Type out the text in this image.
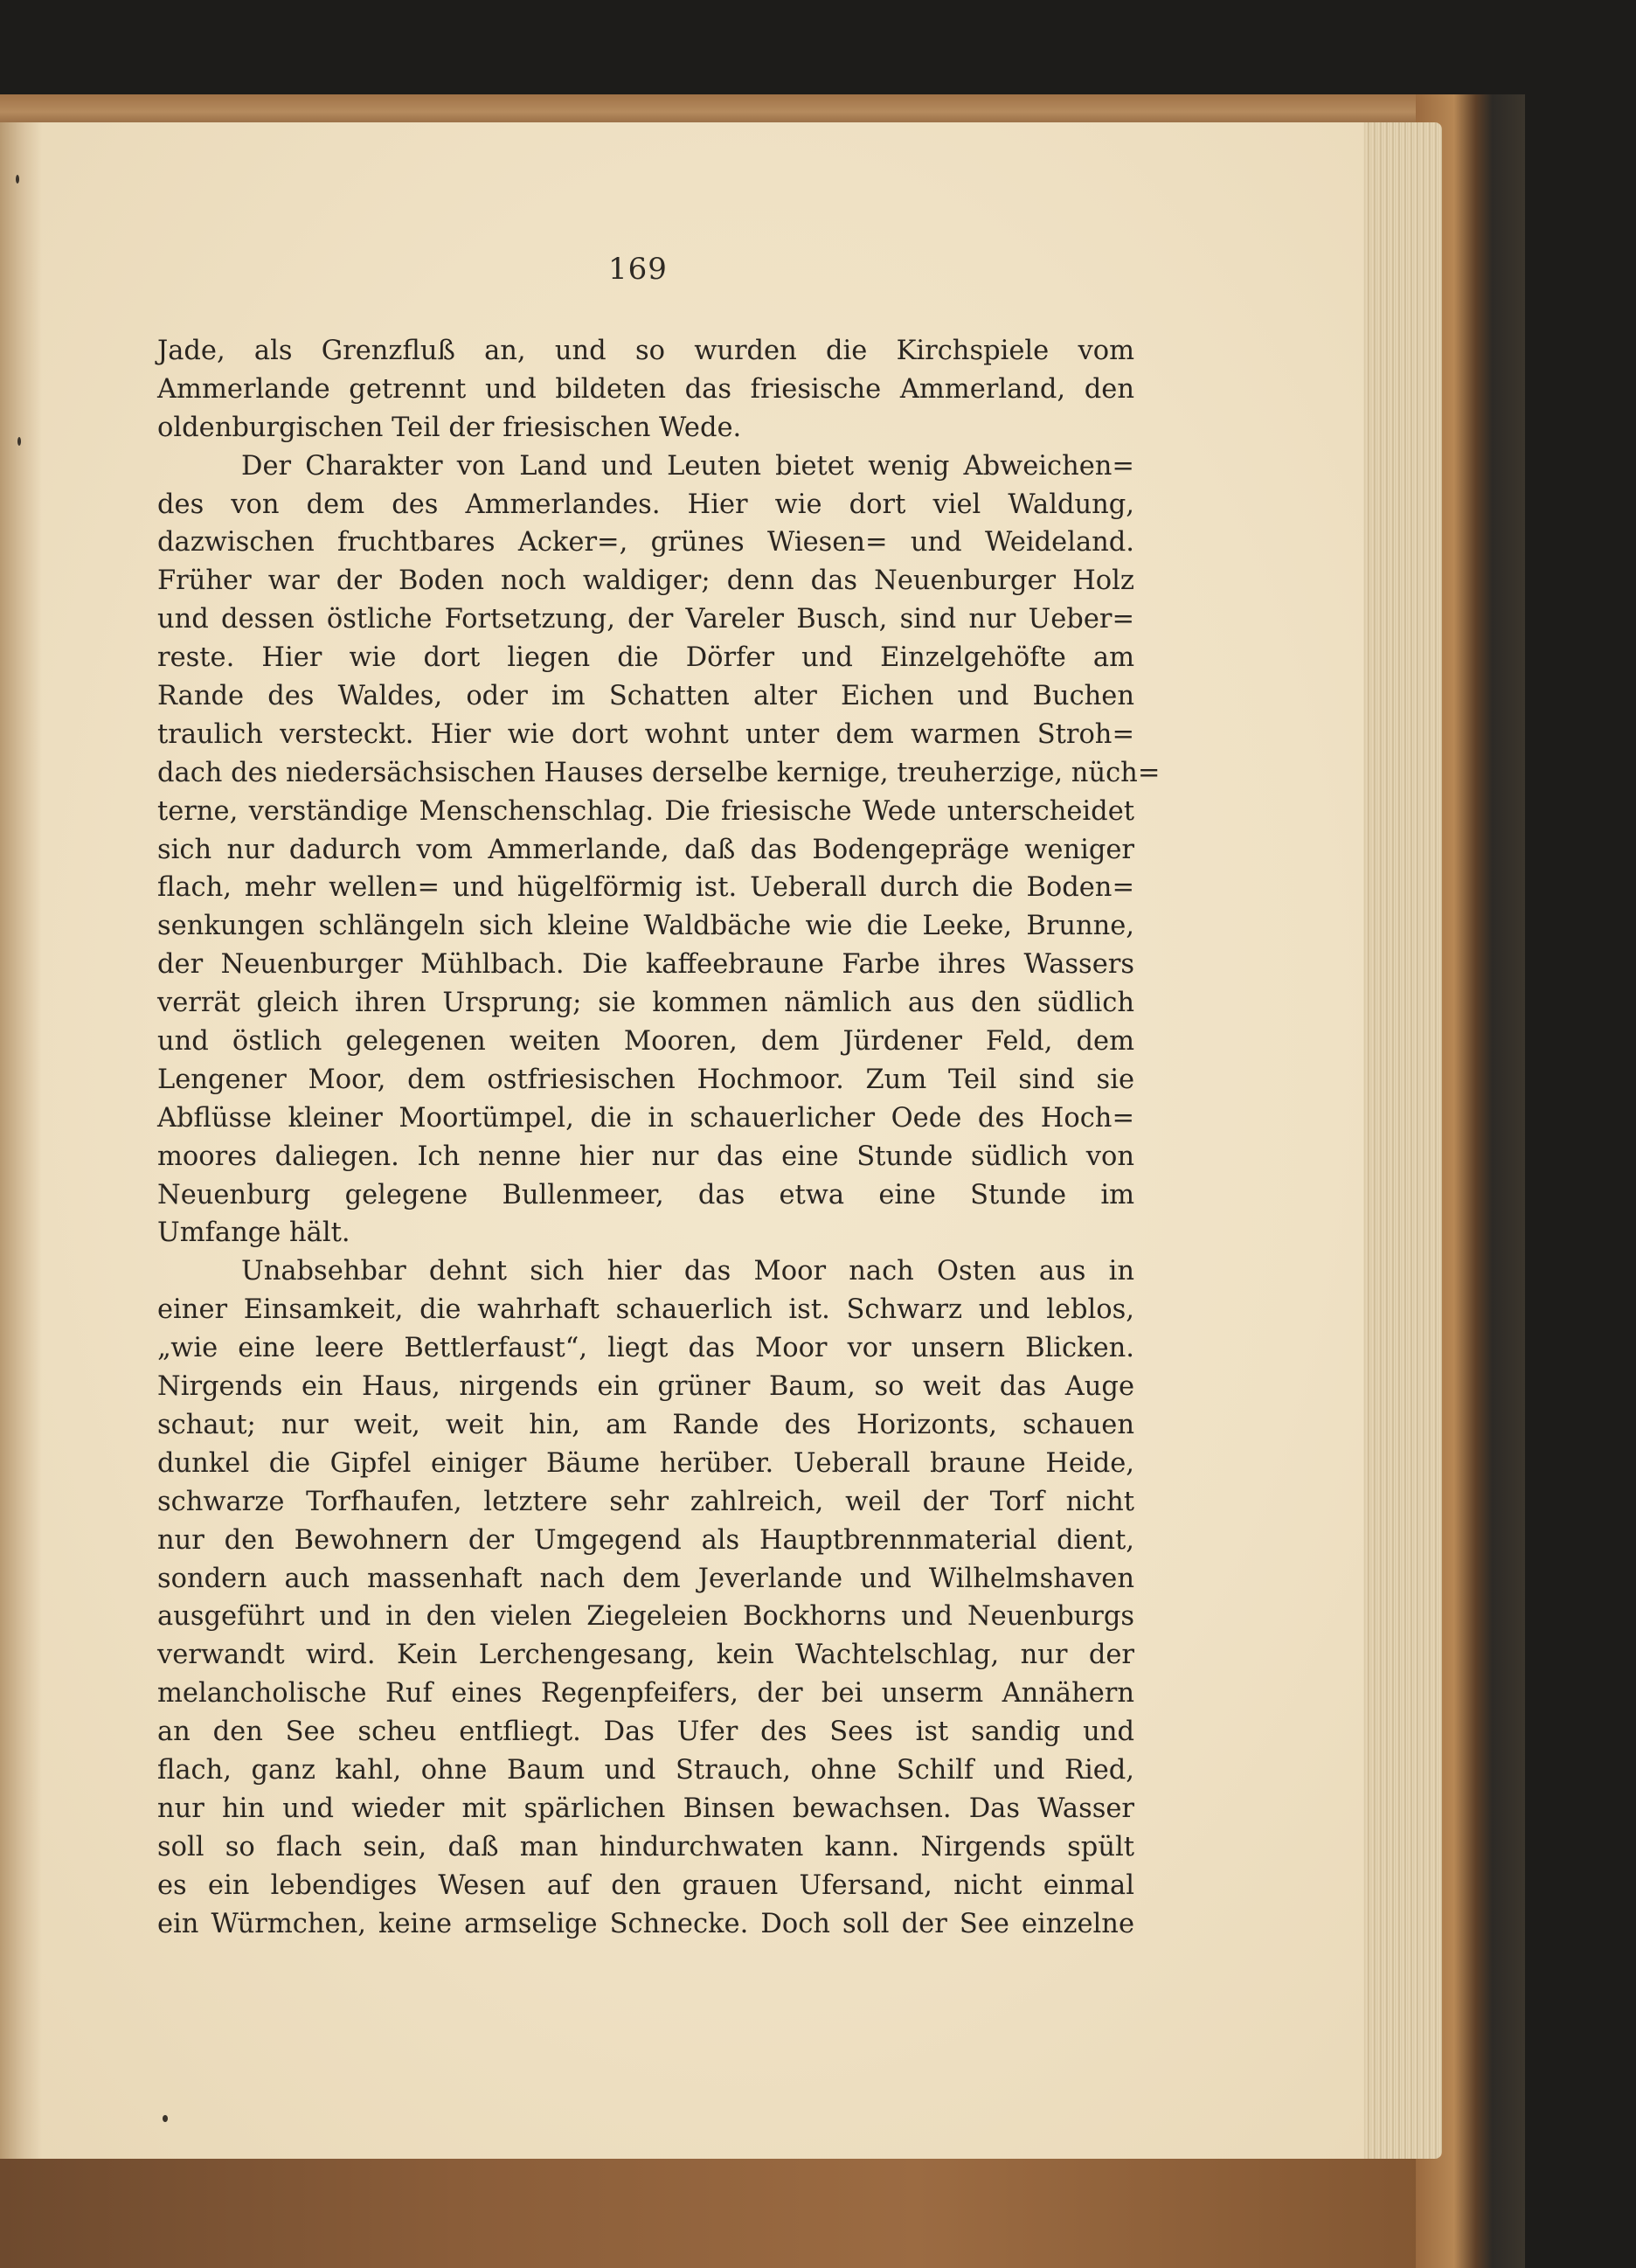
169
Jade, als Grenzfluß an, und so wurden die Kirchspiele vom
Ammerlande getrennt und bildeten das friesische Ammerland, den
oldenburgischen Teil der friesischen Wede.
Der Charakter von Land und Leuten bietet wenig Abweichen=
des von dem des Ammerlandes. Hier wie dort viel Waldung,
dazwischen fruchtbares Acker=, grünes Wiesen= und Weideland.
Früher war der Boden noch waldiger; denn das Neuenburger Holz
und dessen östliche Fortsetzung, der Vareler Busch, sind nur Ueber=
reste. Hier wie dort liegen die Dörfer und Einzelgehöfte am
Rande des Waldes, oder im Schatten alter Eichen und Buchen
traulich versteckt. Hier wie dort wohnt unter dem warmen Stroh=
dach des niedersächsischen Hauses derselbe kernige, treuherzige, nüch=
terne, verständige Menschenschlag. Die friesische Wede unterscheidet
sich nur dadurch vom Ammerlande, daß das Bodengepräge weniger
flach, mehr wellen= und hügelförmig ist. Ueberall durch die Boden=
senkungen schlängeln sich kleine Waldbäche wie die Leeke, Brunne,
der Neuenburger Mühlbach. Die kaffeebraune Farbe ihres Wassers
verrät gleich ihren Ursprung; sie kommen nämlich aus den südlich
und östlich gelegenen weiten Mooren, dem Jürdener Feld, dem
Lengener Moor, dem ostfriesischen Hochmoor. Zum Teil sind sie
Abflüsse kleiner Moortümpel, die in schauerlicher Oede des Hoch=
moores daliegen. Ich nenne hier nur das eine Stunde südlich von
Neuenburg gelegene Bullenmeer, das etwa eine Stunde im
Umfange hält.
Unabsehbar dehnt sich hier das Moor nach Osten aus in
einer Einsamkeit, die wahrhaft schauerlich ist. Schwarz und leblos,
„wie eine leere Bettlerfaust“, liegt das Moor vor unsern Blicken.
Nirgends ein Haus, nirgends ein grüner Baum, so weit das Auge
schaut; nur weit, weit hin, am Rande des Horizonts, schauen
dunkel die Gipfel einiger Bäume herüber. Ueberall braune Heide,
schwarze Torfhaufen, letztere sehr zahlreich, weil der Torf nicht
nur den Bewohnern der Umgegend als Hauptbrennmaterial dient,
sondern auch massenhaft nach dem Jeverlande und Wilhelmshaven
ausgeführt und in den vielen Ziegeleien Bockhorns und Neuenburgs
verwandt wird. Kein Lerchengesang, kein Wachtelschlag, nur der
melancholische Ruf eines Regenpfeifers, der bei unserm Annähern
an den See scheu entfliegt. Das Ufer des Sees ist sandig und
flach, ganz kahl, ohne Baum und Strauch, ohne Schilf und Ried,
nur hin und wieder mit spärlichen Binsen bewachsen. Das Wasser
soll so flach sein, daß man hindurchwaten kann. Nirgends spült
es ein lebendiges Wesen auf den grauen Ufersand, nicht einmal
ein Würmchen, keine armselige Schnecke. Doch soll der See einzelne
